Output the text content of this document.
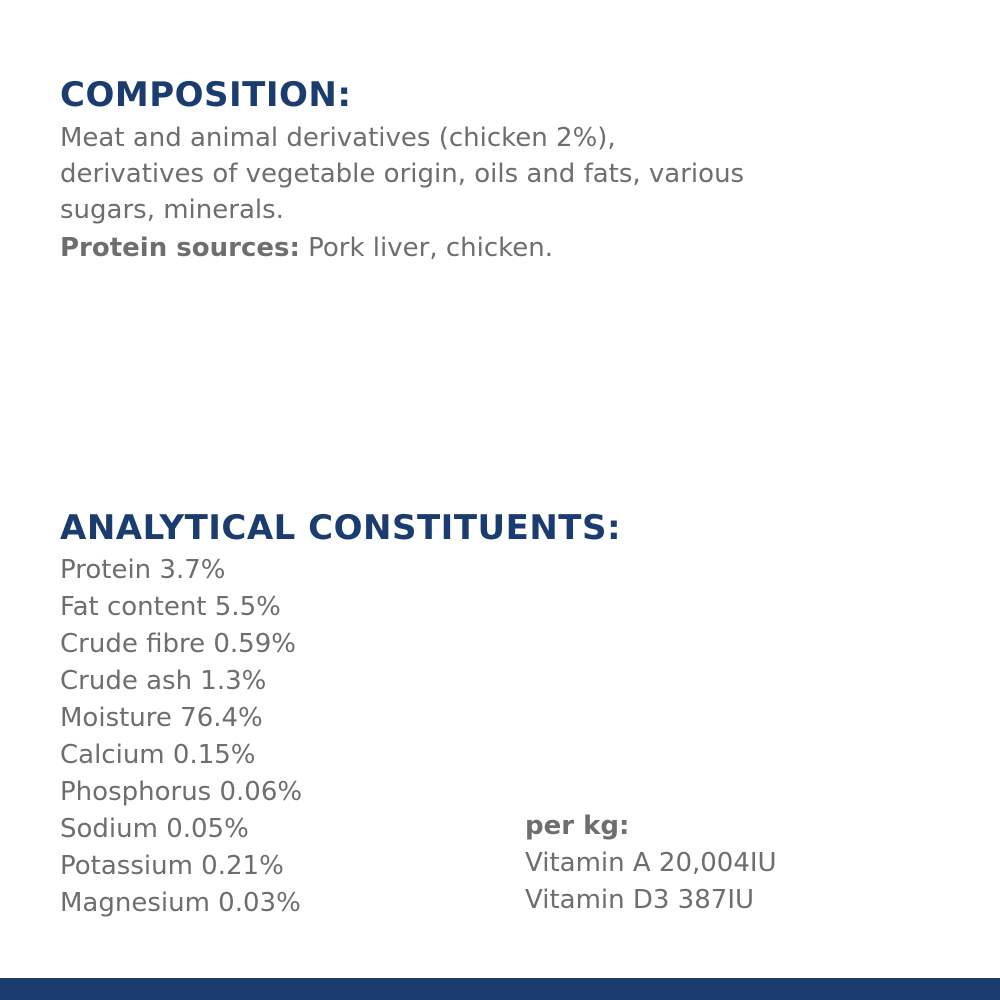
COMPOSITION:
Meat and animal derivatives (chicken 2%),
derivatives of vegetable origin, oils and fats, various
sugars, minerals.
Protein sources: Pork liver, chicken.
ANALYTICAL CONSTITUENTS:
Protein 3.7%
Fat content 5.5%
Crude fibre 0.59%
Crude ash 1.3%
Moisture 76.4%
Calcium 0.15%
Phosphorus 0.06%
Sodium 0.05%
Potassium 0.21%
Magnesium 0.03%
per kg:
Vitamin A 20,004IU
Vitamin D3 387IU
